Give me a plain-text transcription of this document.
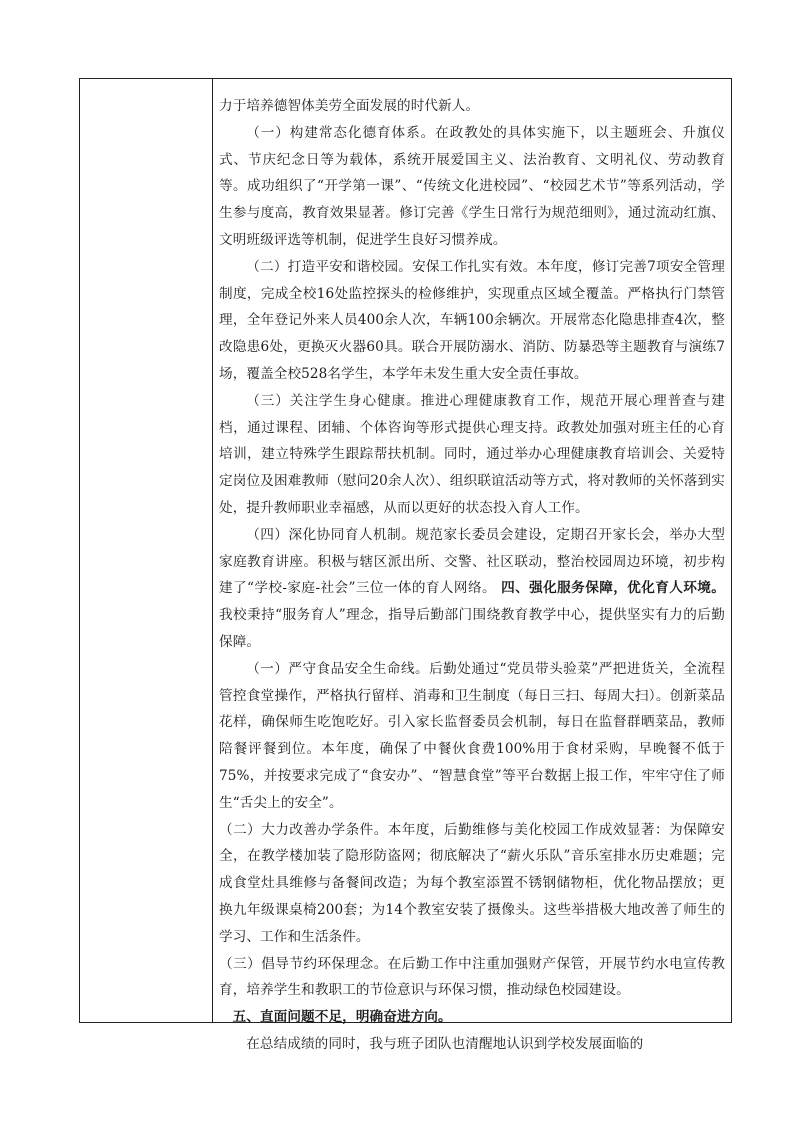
力于培养德智体美劳全面发展的时代新人。

（一）构建常态化德育体系。在政教处的具体实施下，以主题班会、升旗仪式、节庆纪念日等为载体，系统开展爱国主义、法治教育、文明礼仪、劳动教育等。成功组织了“开学第一课”、“传统文化进校园”、“校园艺术节”等系列活动，学生参与度高，教育效果显著。修订完善《学生日常行为规范细则》，通过流动红旗、文明班级评选等机制，促进学生良好习惯养成。

（二）打造平安和谐校园。安保工作扎实有效。本年度，修订完善7项安全管理制度，完成全校16处监控探头的检修维护，实现重点区域全覆盖。严格执行门禁管理，全年登记外来人员400余人次，车辆100余辆次。开展常态化隐患排查4次，整改隐患6处，更换灭火器60具。联合开展防溺水、消防、防暴恐等主题教育与演练7场，覆盖全校528名学生，本学年未发生重大安全责任事故。

（三）关注学生身心健康。推进心理健康教育工作，规范开展心理普查与建档，通过课程、团辅、个体咨询等形式提供心理支持。政教处加强对班主任的心育培训，建立特殊学生跟踪帮扶机制。同时，通过举办心理健康教育培训会、关爱特定岗位及困难教师（慰问20余人次）、组织联谊活动等方式，将对教师的关怀落到实处，提升教师职业幸福感，从而以更好的状态投入育人工作。

（四）深化协同育人机制。规范家长委员会建设，定期召开家长会，举办大型家庭教育讲座。积极与辖区派出所、交警、社区联动，整治校园周边环境，初步构建了“学校-家庭-社会”三位一体的育人网络。 四、强化服务保障，优化育人环境。 我校秉持“服务育人”理念，指导后勤部门围绕教育教学中心，提供坚实有力的后勤保障。

（一）严守食品安全生命线。后勤处通过“党员带头验菜”严把进货关，全流程管控食堂操作，严格执行留样、消毒和卫生制度（每日三扫、每周大扫）。创新菜品花样，确保师生吃饱吃好。引入家长监督委员会机制，每日在监督群晒菜品，教师陪餐评餐到位。本年度，确保了中餐伙食费100%用于食材采购，早晚餐不低于75%，并按要求完成了“食安办”、“智慧食堂”等平台数据上报工作，牢牢守住了师生“舌尖上的安全”。

（二）大力改善办学条件。本年度，后勤维修与美化校园工作成效显著：为保障安全，在教学楼加装了隐形防盗网；彻底解决了“薪火乐队”音乐室排水历史难题；完成食堂灶具维修与备餐间改造；为每个教室添置不锈钢储物柜，优化物品摆放；更换九年级课桌椅200套；为14个教室安装了摄像头。这些举措极大地改善了师生的学习、工作和生活条件。

（三）倡导节约环保理念。在后勤工作中注重加强财产保管，开展节约水电宣传教育，培养学生和教职工的节俭意识与环保习惯，推动绿色校园建设。

五、直面问题不足，明确奋进方向。

在总结成绩的同时，我与班子团队也清醒地认识到学校发展面临的
